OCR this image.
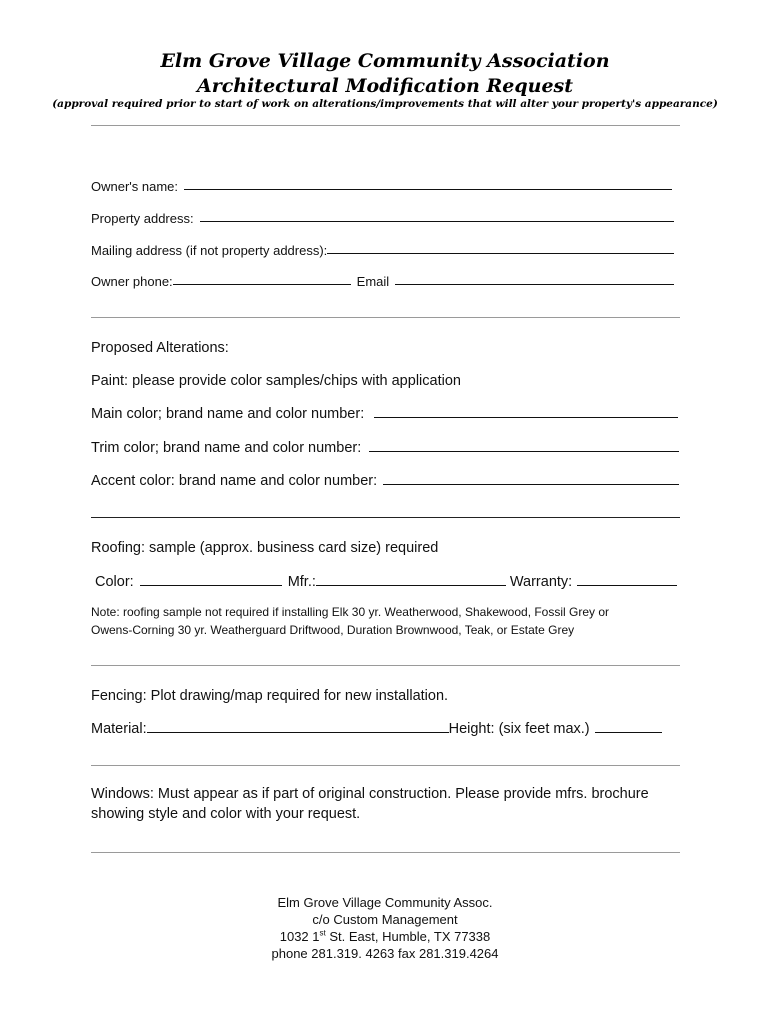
Elm Grove Village Community Association
Architectural Modification Request
(approval required prior to start of work on alterations/improvements that will alter your property's appearance)
Owner's name:
Property address:
Mailing address (if not property address):
Owner phone:	Email
Proposed Alterations:
Paint: please provide color samples/chips with application
Main color; brand name and color number:
Trim color; brand name and color number:
Accent color: brand name and color number:
Roofing: sample (approx. business card size) required
Color:	Mfr.:	Warranty:
Note: roofing sample not required if installing Elk 30 yr. Weatherwood, Shakewood, Fossil Grey or Owens-Corning 30 yr. Weatherguard Driftwood, Duration Brownwood, Teak, or Estate Grey
Fencing: Plot drawing/map required for new installation.
Material:	Height: (six feet max.)
Windows: Must appear as if part of original construction. Please provide mfrs. brochure showing style and color with your request.
Elm Grove Village Community Assoc.
c/o Custom Management
1032 1st St. East, Humble, TX 77338
phone 281.319. 4263 fax 281.319.4264
